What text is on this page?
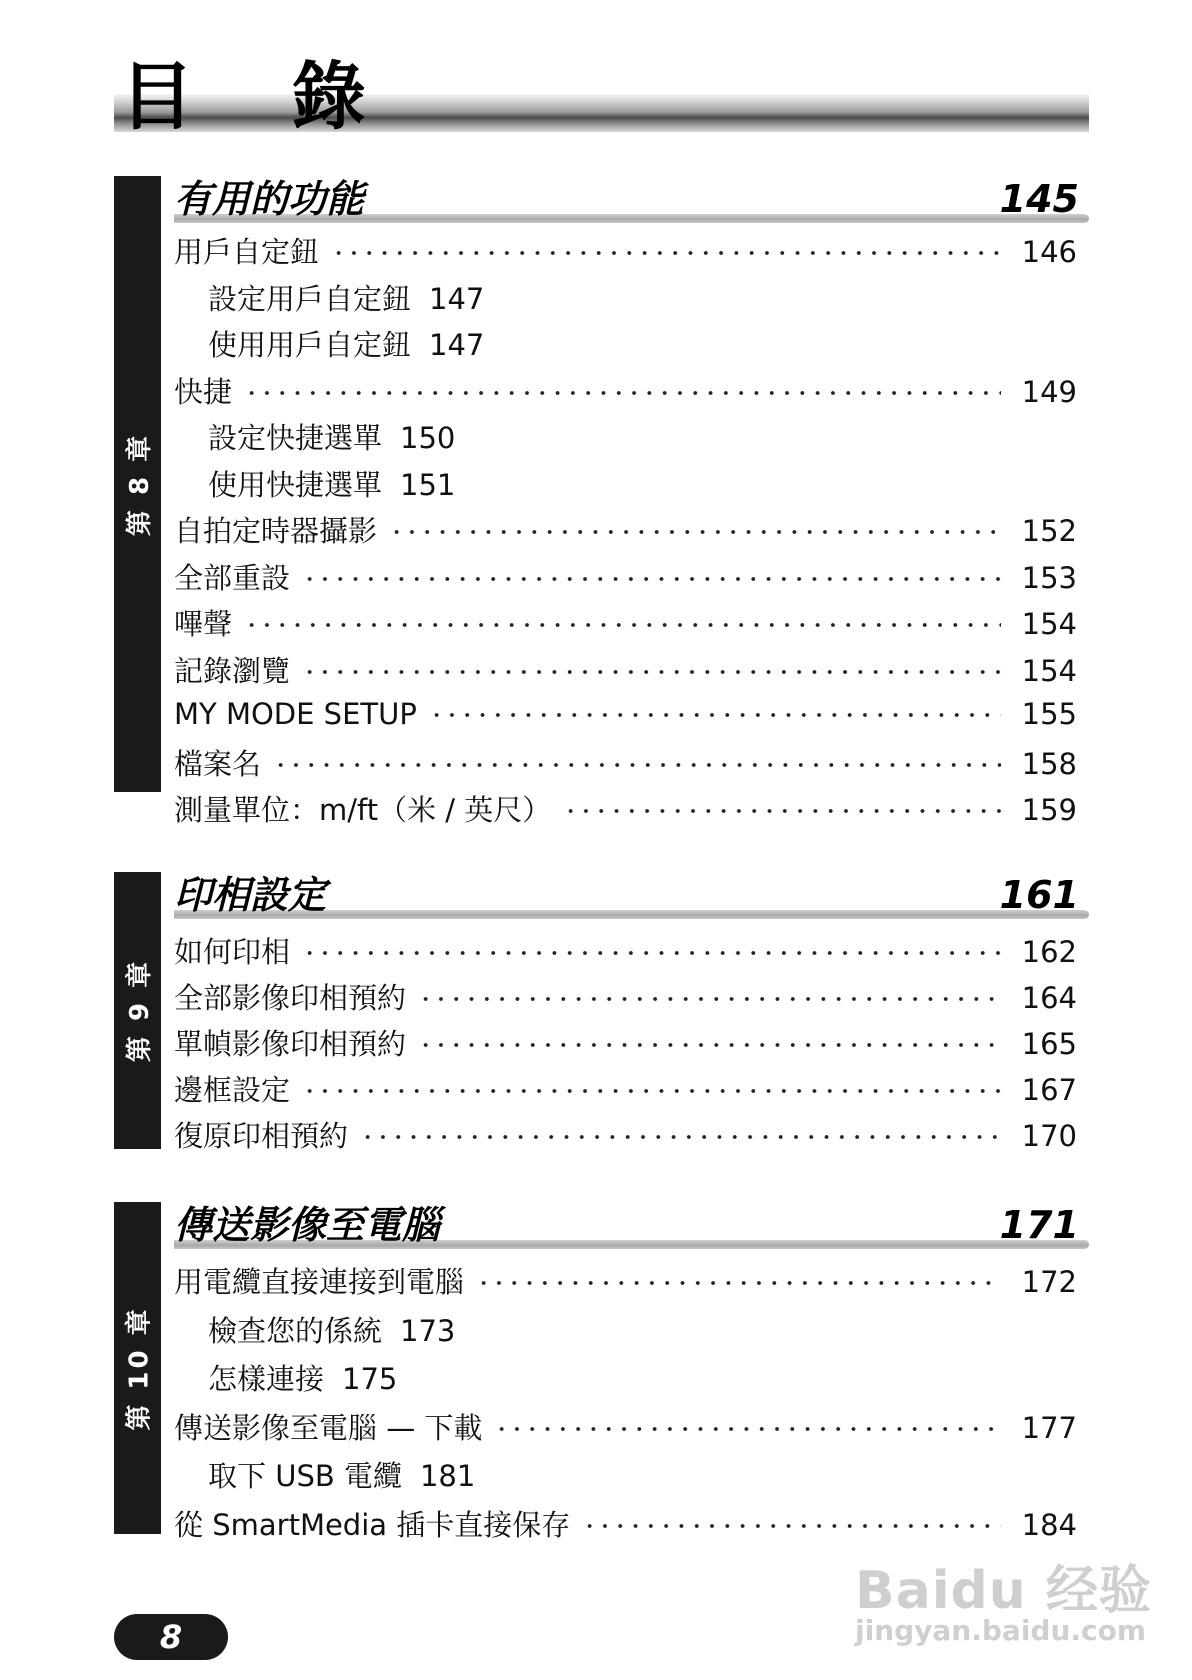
目 錄
第 8 章
有用的功能	145
用戶自定鈕	146
設定用戶自定鈕 147
使用用戶自定鈕 147
快捷	149
設定快捷選單 150
使用快捷選單 151
自拍定時器攝影	152
全部重設	153
嗶聲	154
記錄瀏覽	154
MY MODE SETUP	155
檔案名	158
測量單位：m/ft（米 / 英尺）	159
第 9 章
印相設定	161
如何印相	162
全部影像印相預約	164
單幀影像印相預約	165
邊框設定	167
復原印相預約	170
第 10 章
傳送影像至電腦	171
用電纜直接連接到電腦	172
檢查您的係統 173
怎樣連接 175
傳送影像至電腦 — 下載	177
取下 USB 電纜 181
從 SmartMedia 插卡直接保存	184
8
Baidu 经验
jingyan.baidu.com
